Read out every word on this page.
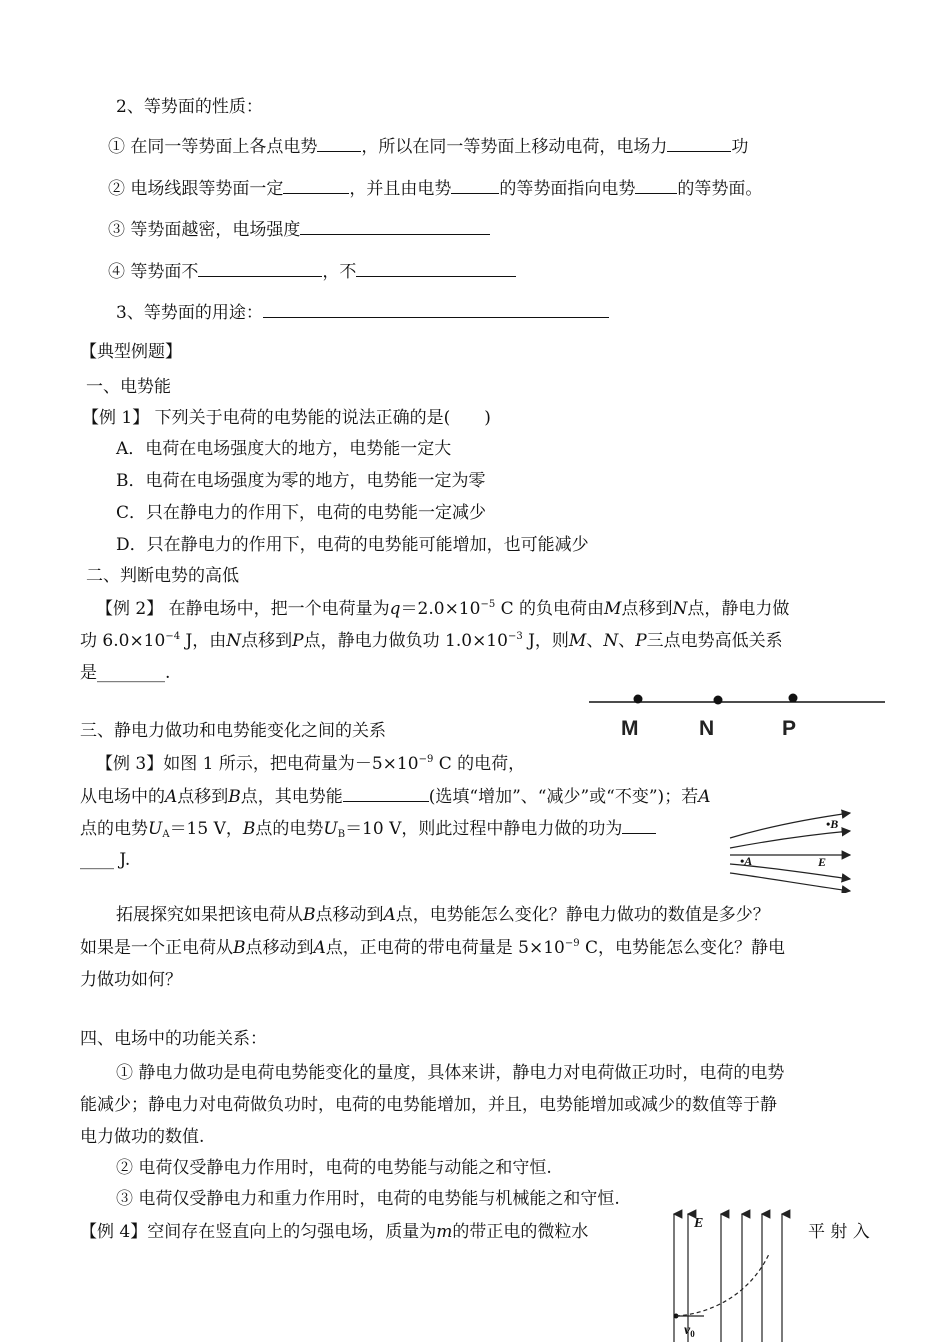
2、等势面的性质：
① 在同一等势面上各点电势	，所以在同一等势面上移动电荷，电场力	功
② 电场线跟等势面一定	，并且由电势	的等势面指向电势 的等势面。
③ 等势面越密，电场强度
④ 等势面不	，不
3、等势面的用途：
【典型例题】
一、电势能
【例 1】 下列关于电荷的电势能的说法正确的是(　　)
A．电荷在电场强度大的地方，电势能一定大
B．电荷在电场强度为零的地方，电势能一定为零
C．只在静电力的作用下，电荷的电势能一定减少
D．只在静电力的作用下，电荷的电势能可能增加，也可能减少
二、判断电势的高低
【例 2】 在静电场中，把一个电荷量为$q=2.0\times 10^{-5}$ C 的负电荷由M点移到N点，静电力做
功 $6.0\times 10^{-4}$ J，由N点移到P点，静电力做负功 $1.0\times 10^{-3}$ J，则M、N、P三点电势高低关系
是________.
M	N	P
三、静电力做功和电势能变化之间的关系
【例 3】如图 1 所示，把电荷量为$-5\times 10^{-9}$ C 的电荷，
从电场中的A点移到B点，其电势能	(选填“增加”、“减少”或“不变”)；若A
点的电势$U_A=15$ V，B点的电势$U_B=10$ V，则此过程中静电力做的功为
____ J.
•B
•A	E
拓展探究如果把该电荷从B点移动到A点，电势能怎么变化？静电力做功的数值是多少？
如果是一个正电荷从B点移动到A点，正电荷的带电荷量是 $5\times 10^{-9}$ C，电势能怎么变化？静电
力做功如何？
四、电场中的功能关系：
① 静电力做功是电荷电势能变化的量度，具体来讲，静电力对电荷做正功时，电荷的电势
能减少；静电力对电荷做负功时，电荷的电势能增加，并且，电势能增加或减少的数值等于静
电力做功的数值.
② 电荷仅受静电力作用时，电荷的电势能与动能之和守恒.
③ 电荷仅受静电力和重力作用时，电荷的电势能与机械能之和守恒.
【例 4】空间存在竖直向上的匀强电场，质量为m的带正电的微粒水	平 射 入
E
$v_0$
